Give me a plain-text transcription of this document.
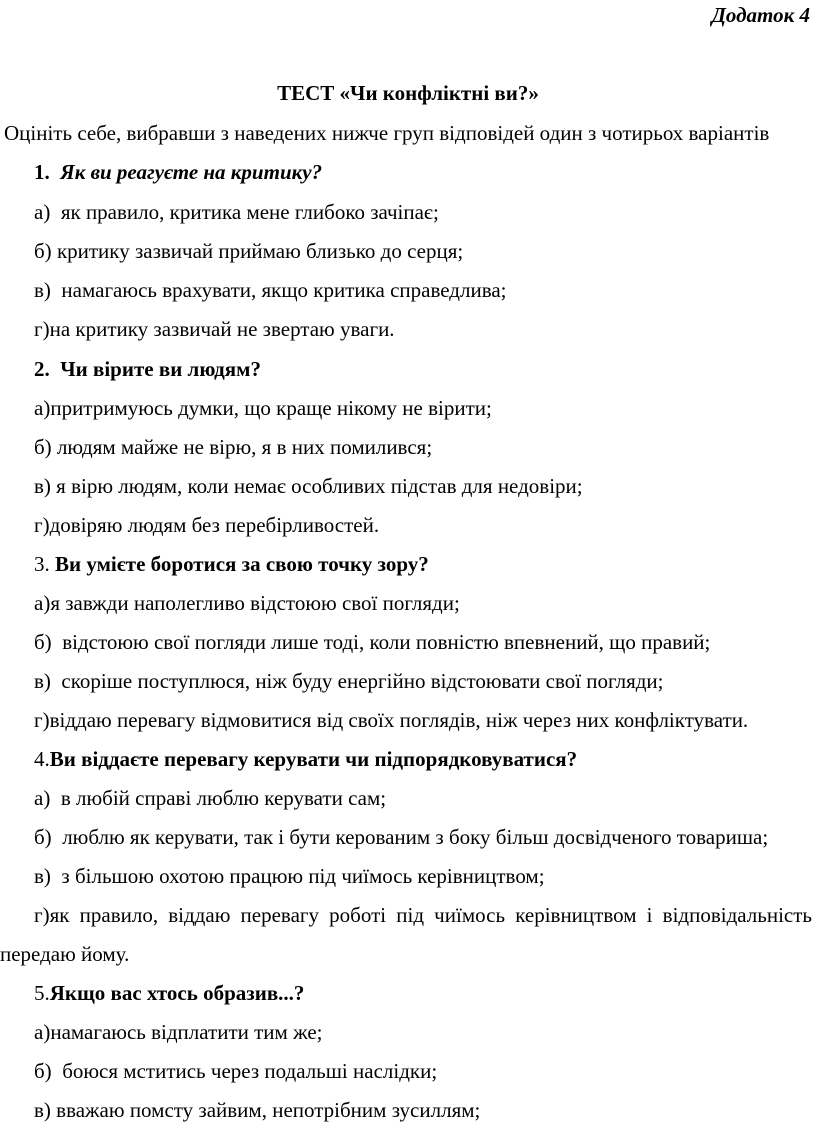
Додаток 4
ТЕСТ «Чи конфліктні ви?»
Оцініть себе, вибравши з наведених нижче груп відповідей один з чотирьох варіантів
1. Як ви реагуєте на критику?
а) як правило, критика мене глибоко зачіпає;
б) критику зазвичай приймаю близько до серця;
в) намагаюсь врахувати, якщо критика справедлива;
г)на критику зазвичай не звертаю уваги.
2. Чи вірите ви людям?
а)притримуюсь думки, що краще нікому не вірити;
б) людям майже не вірю, я в них помилився;
в) я вірю людям, коли немає особливих підстав для недовіри;
г)довіряю людям без перебірливостей.
3. Ви умієте боротися за свою точку зору?
а)я завжди наполегливо відстоюю свої погляди;
б) відстоюю свої погляди лише тоді, коли повністю впевнений, що правий;
в) скоріше поступлюся, ніж буду енергійно відстоювати свої погляди;
г)віддаю перевагу відмовитися від своїх поглядів, ніж через них конфліктувати.
4.Ви віддаєте перевагу керувати чи підпорядковуватися?
а) в любій справі люблю керувати сам;
б) люблю як керувати, так і бути керованим з боку більш досвідченого товариша;
в) з більшою охотою працюю під чиїмось керівництвом;
г)як правило, віддаю перевагу роботі під чиїмось керівництвом і відповідальність
передаю йому.
5.Якщо вас хтось образив...?
а)намагаюсь відплатити тим же;
б) боюся мститись через подальші наслідки;
в) вважаю помсту зайвим, непотрібним зусиллям;
